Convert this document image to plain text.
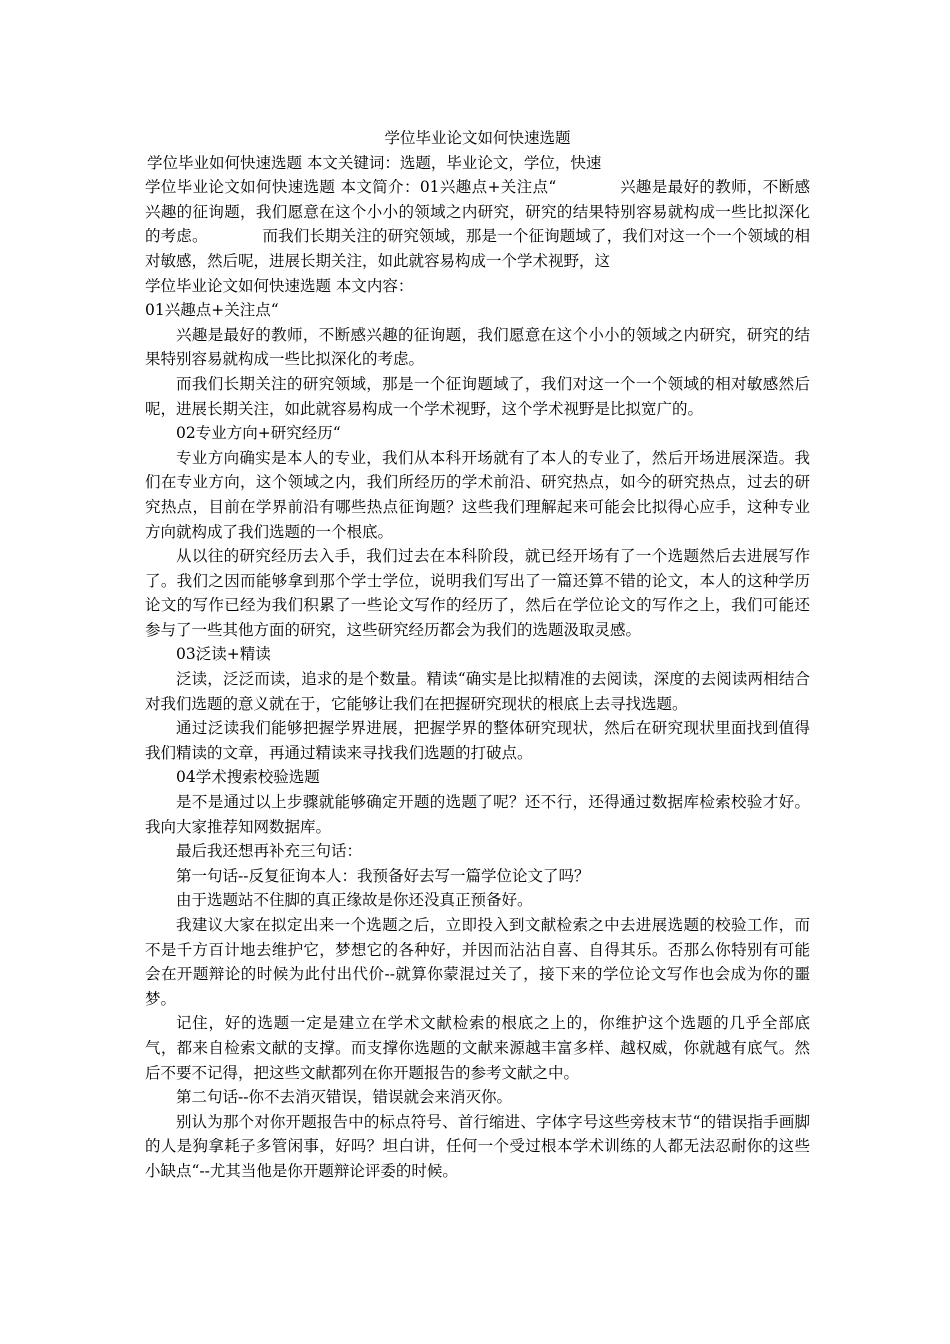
学位毕业论文如何快速选题

学位毕业如何快速选题 本文关键词：选题，毕业论文，学位，快速

学位毕业论文如何快速选题 本文简介：01兴趣点+关注点“　　　　兴趣是最好的教师，不断感兴趣的征询题，我们愿意在这个小小的领域之内研究，研究的结果特别容易就构成一些比拟深化的考虑。　　　　而我们长期关注的研究领域，那是一个征询题域了，我们对这一个一个领域的相对敏感，然后呢，进展长期关注，如此就容易构成一个学术视野，这

学位毕业论文如何快速选题 本文内容：

01兴趣点+关注点“

兴趣是最好的教师，不断感兴趣的征询题，我们愿意在这个小小的领域之内研究，研究的结果特别容易就构成一些比拟深化的考虑。

而我们长期关注的研究领域，那是一个征询题域了，我们对这一个一个领域的相对敏感然后呢，进展长期关注，如此就容易构成一个学术视野，这个学术视野是比拟宽广的。

02专业方向+研究经历“

专业方向确实是本人的专业，我们从本科开场就有了本人的专业了，然后开场进展深造。我们在专业方向，这个领域之内，我们所经历的学术前沿、研究热点，如今的研究热点，过去的研究热点，目前在学界前沿有哪些热点征询题？这些我们理解起来可能会比拟得心应手，这种专业方向就构成了我们选题的一个根底。

从以往的研究经历去入手，我们过去在本科阶段，就已经开场有了一个选题然后去进展写作了。我们之因而能够拿到那个学士学位，说明我们写出了一篇还算不错的论文，本人的这种学历论文的写作已经为我们积累了一些论文写作的经历了，然后在学位论文的写作之上，我们可能还参与了一些其他方面的研究，这些研究经历都会为我们的选题汲取灵感。

03泛读+精读

泛读，泛泛而读，追求的是个数量。精读“确实是比拟精准的去阅读，深度的去阅读两相结合对我们选题的意义就在于，它能够让我们在把握研究现状的根底上去寻找选题。

通过泛读我们能够把握学界进展，把握学界的整体研究现状，然后在研究现状里面找到值得我们精读的文章，再通过精读来寻找我们选题的打破点。

04学术搜索校验选题

是不是通过以上步骤就能够确定开题的选题了呢？还不行，还得通过数据库检索校验才好。我向大家推荐知网数据库。

最后我还想再补充三句话：

第一句话--反复征询本人：我预备好去写一篇学位论文了吗？

由于选题站不住脚的真正缘故是你还没真正预备好。

我建议大家在拟定出来一个选题之后，立即投入到文献检索之中去进展选题的校验工作，而不是千方百计地去维护它，梦想它的各种好，并因而沾沾自喜、自得其乐。否那么你特别有可能会在开题辩论的时候为此付出代价--就算你蒙混过关了，接下来的学位论文写作也会成为你的噩梦。

记住，好的选题一定是建立在学术文献检索的根底之上的，你维护这个选题的几乎全部底气，都来自检索文献的支撑。而支撑你选题的文献来源越丰富多样、越权威，你就越有底气。然后不要不记得，把这些文献都列在你开题报告的参考文献之中。

第二句话--你不去消灭错误，错误就会来消灭你。

别认为那个对你开题报告中的标点符号、首行缩进、字体字号这些旁枝末节“的错误指手画脚的人是狗拿耗子多管闲事，好吗？坦白讲，任何一个受过根本学术训练的人都无法忍耐你的这些小缺点“--尤其当他是你开题辩论评委的时候。
